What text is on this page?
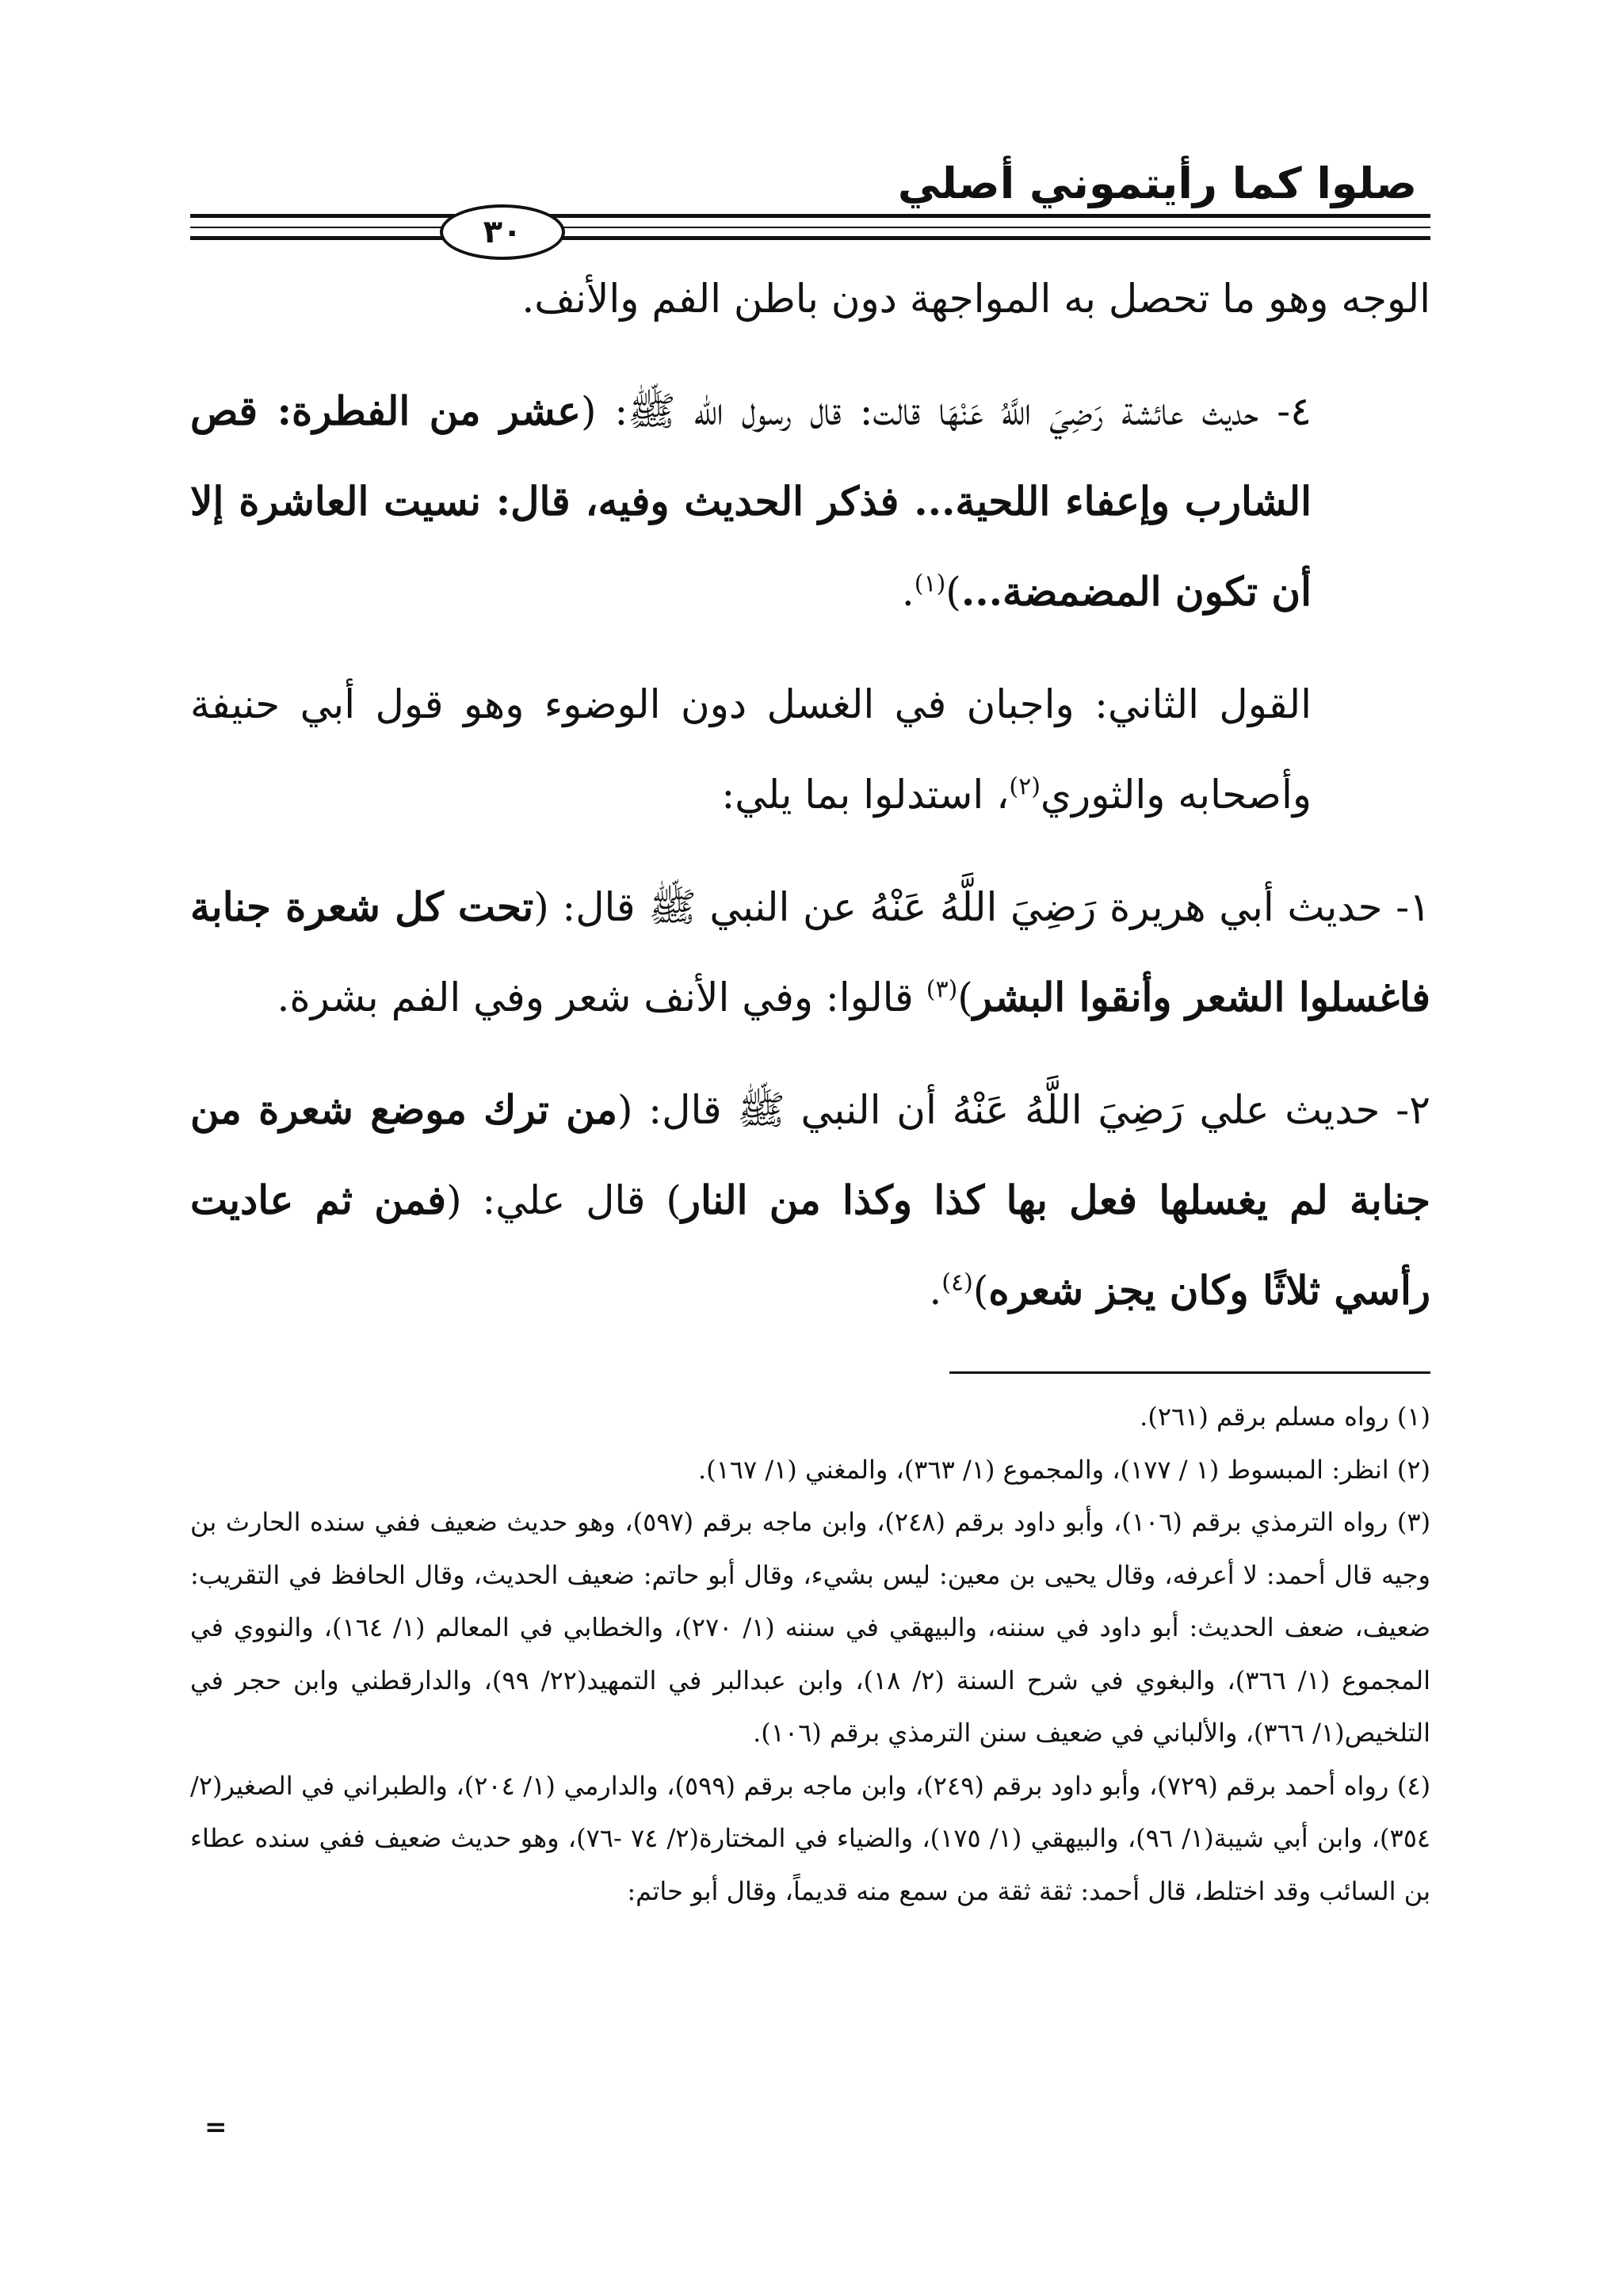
صلوا كما رأيتموني أصلي
٣٠

الوجه وهو ما تحصل به المواجهة دون باطن الفم والأنف.

٤- حديث عائشة رَضِيَ اللَّهُ عَنْهَا قالت: قال رسول الله ﷺ: (عشر من الفطرة: قص الشارب وإعفاء اللحية... فذكر الحديث وفيه، قال: نسيت العاشرة إلا أن تكون المضمضة...)$^{(١)}$.

القول الثاني: واجبان في الغسل دون الوضوء وهو قول أبي حنيفة وأصحابه والثوري$^{(٢)}$، استدلوا بما يلي:

١- حديث أبي هريرة رَضِيَ اللَّهُ عَنْهُ عن النبي ﷺ قال: (تحت كل شعرة جنابة فاغسلوا الشعر وأنقوا البشر)$^{(٣)}$ قالوا: وفي الأنف شعر وفي الفم بشرة.

٢- حديث علي رَضِيَ اللَّهُ عَنْهُ أن النبي ﷺ قال: (من ترك موضع شعرة من جنابة لم يغسلها فعل بها كذا وكذا من النار) قال علي: (فمن ثم عاديت رأسي ثلاثًا وكان يجز شعره)$^{(٤)}$.

(١) رواه مسلم برقم (٢٦١).

(٢) انظر: المبسوط (١ / ١٧٧)، والمجموع (١/ ٣٦٣)، والمغني (١/ ١٦٧).

(٣) رواه الترمذي برقم (١٠٦)، وأبو داود برقم (٢٤٨)، وابن ماجه برقم (٥٩٧)، وهو حديث ضعيف ففي سنده الحارث بن وجيه قال أحمد: لا أعرفه، وقال يحيى بن معين: ليس بشيء، وقال أبو حاتم: ضعيف الحديث، وقال الحافظ في التقريب: ضعيف، ضعف الحديث: أبو داود في سننه، والبيهقي في سننه (١/ ٢٧٠)، والخطابي في المعالم (١/ ١٦٤)، والنووي في المجموع (١/ ٣٦٦)، والبغوي في شرح السنة (٢/ ١٨)، وابن عبدالبر في التمهيد(٢٢/ ٩٩)، والدارقطني وابن حجر في التلخيص(١/ ٣٦٦)، والألباني في ضعيف سنن الترمذي برقم (١٠٦).

(٤) رواه أحمد برقم (٧٢٩)، وأبو داود برقم (٢٤٩)، وابن ماجه برقم (٥٩٩)، والدارمي (١/ ٢٠٤)، والطبراني في الصغير(٢/ ٣٥٤)، وابن أبي شيبة(١/ ٩٦)، والبيهقي (١/ ١٧٥)، والضياء في المختارة(٢/ ٧٤ -٧٦)، وهو حديث ضعيف ففي سنده عطاء بن السائب وقد اختلط، قال أحمد: ثقة ثقة من سمع منه قديماً، وقال أبو حاتم:

=
